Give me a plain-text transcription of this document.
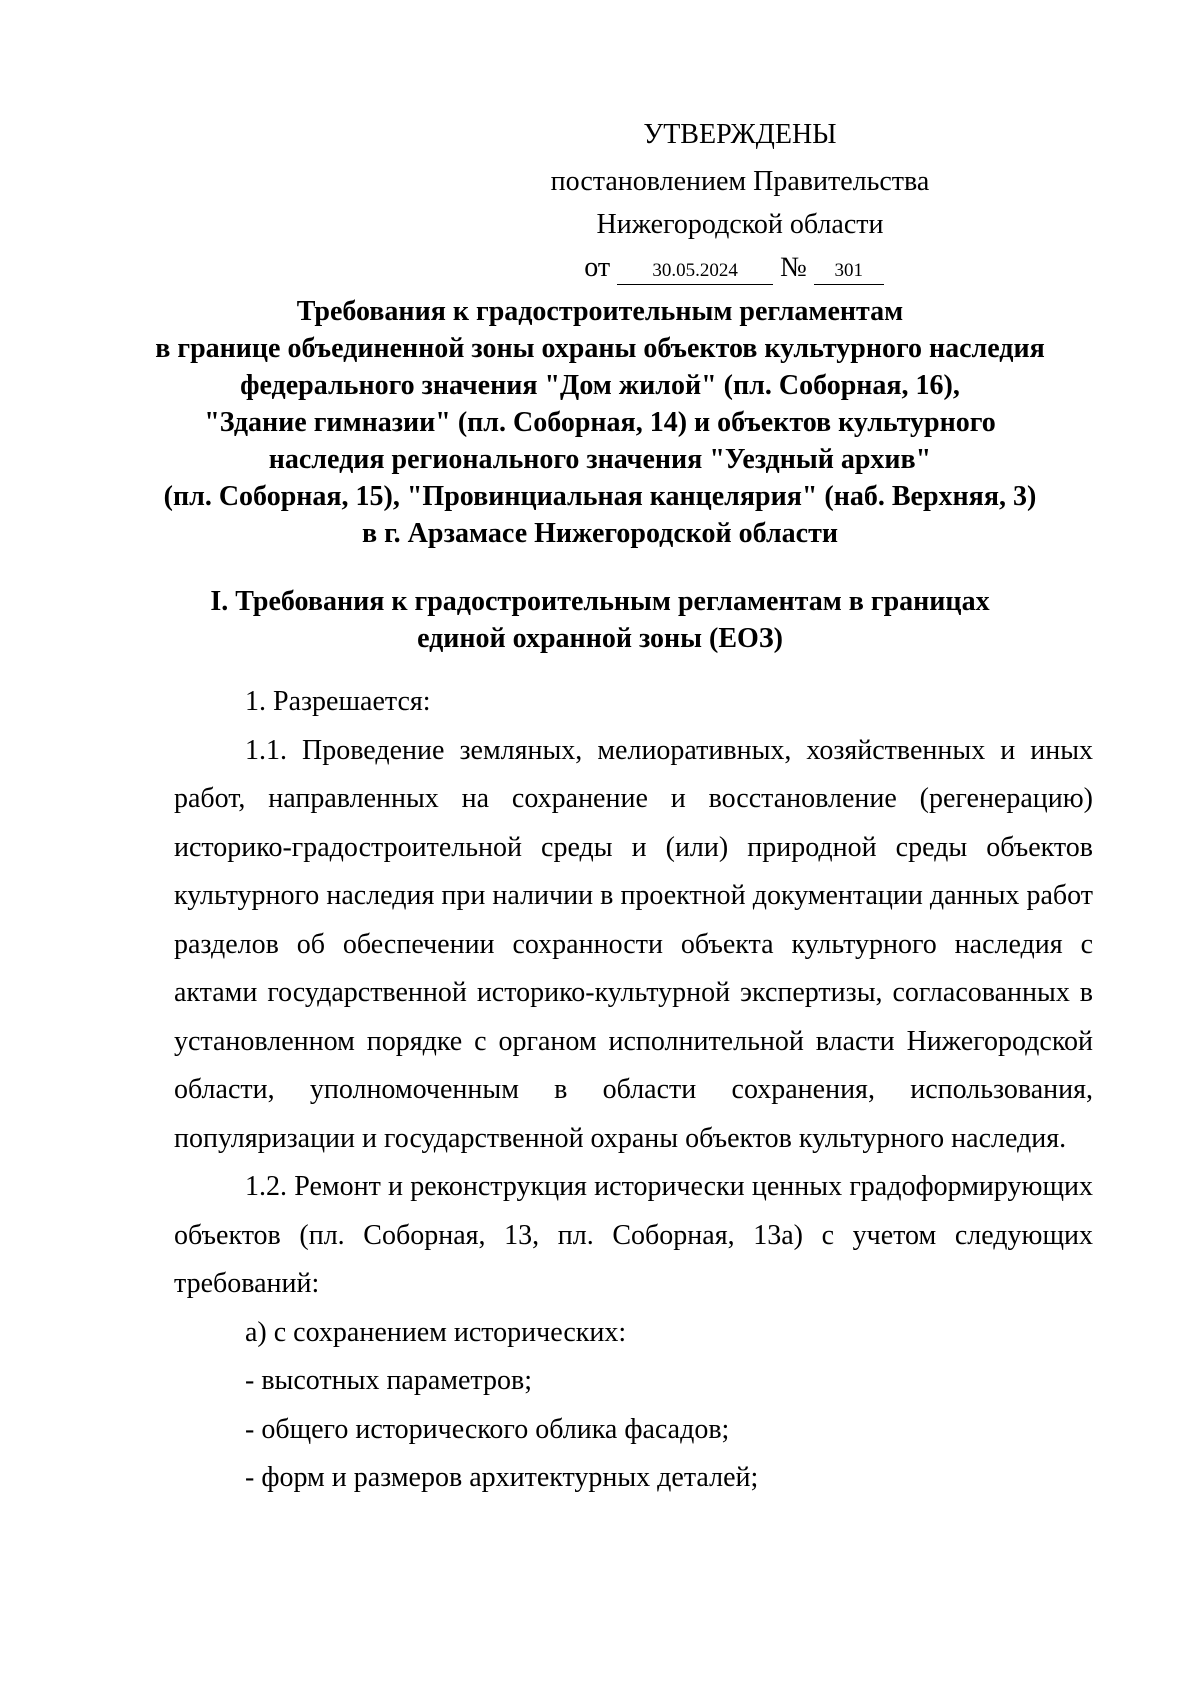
УТВЕРЖДЕНЫ
постановлением Правительства
Нижегородской области
от 30.05.2024 № 301
Требования к градостроительным регламентам
в границе объединенной зоны охраны объектов культурного наследия
федерального значения "Дом жилой" (пл. Соборная, 16),
"Здание гимназии" (пл. Соборная, 14) и объектов культурного
наследия регионального значения "Уездный архив"
(пл. Соборная, 15), "Провинциальная канцелярия" (наб. Верхняя, 3)
в г. Арзамасе Нижегородской области
I. Требования к градостроительным регламентам в границах
единой охранной зоны (ЕОЗ)

1. Разрешается:

1.1. Проведение земляных, мелиоративных, хозяйственных и иных работ, направленных на сохранение и восстановление (регенерацию) историко-градостроительной среды и (или) природной среды объектов культурного наследия при наличии в проектной документации данных работ разделов об обеспечении сохранности объекта культурного наследия с актами государственной историко-культурной экспертизы, согласованных в установленном порядке с органом исполнительной власти Нижегородской области, уполномоченным в области сохранения, использования, популяризации и государственной охраны объектов культурного наследия.

1.2. Ремонт и реконструкция исторически ценных градоформирующих объектов (пл. Соборная, 13, пл. Соборная, 13а) с учетом следующих требований:

а) с сохранением исторических:

- высотных параметров;

- общего исторического облика фасадов;

- форм и размеров архитектурных деталей;
